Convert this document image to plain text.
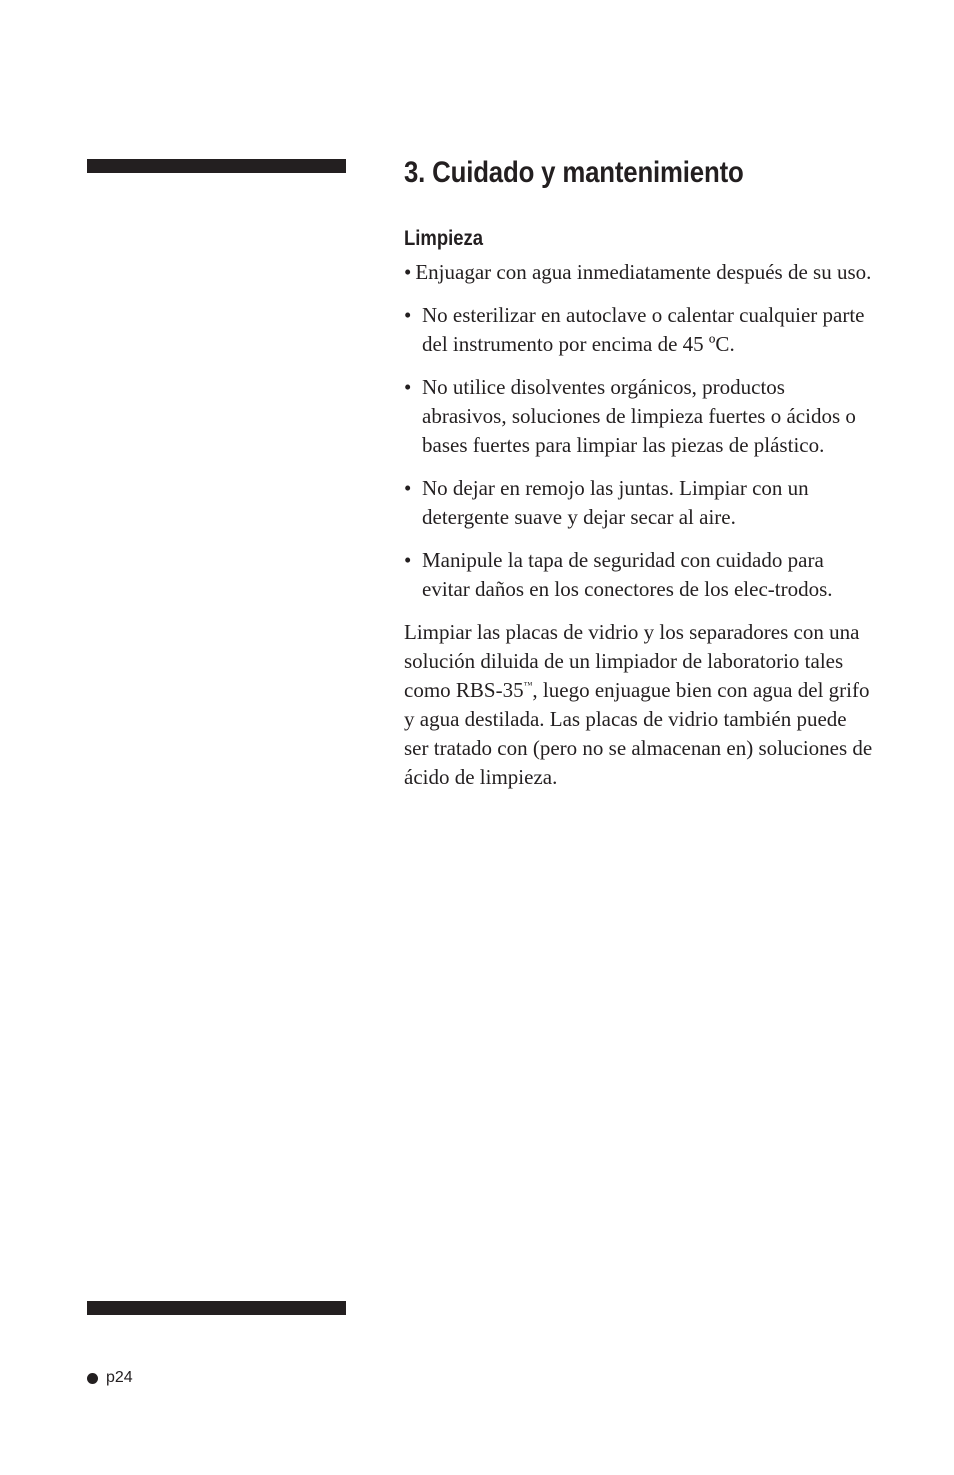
3. Cuidado y mantenimiento
Limpieza
• Enjuagar con agua inmediatamente después de su uso.
• No esterilizar en autoclave o calentar cualquier parte del instrumento por encima de 45 ºC.
• No utilice disolventes orgánicos, productos abrasivos, soluciones de limpieza fuertes o ácidos o bases fuertes para limpiar las piezas de plástico.
• No dejar en remojo las juntas. Limpiar con un detergente suave y dejar secar al aire.
• Manipule la tapa de seguridad con cuidado para evitar daños en los conectores de los elec-trodos.

Limpiar las placas de vidrio y los separadores con una solución diluida de un limpiador de laboratorio tales como RBS-35™, luego enjuague bien con agua del grifo y agua destilada. Las placas de vidrio también puede ser tratado con (pero no se almacenan en) soluciones de ácido de limpieza.

p24
